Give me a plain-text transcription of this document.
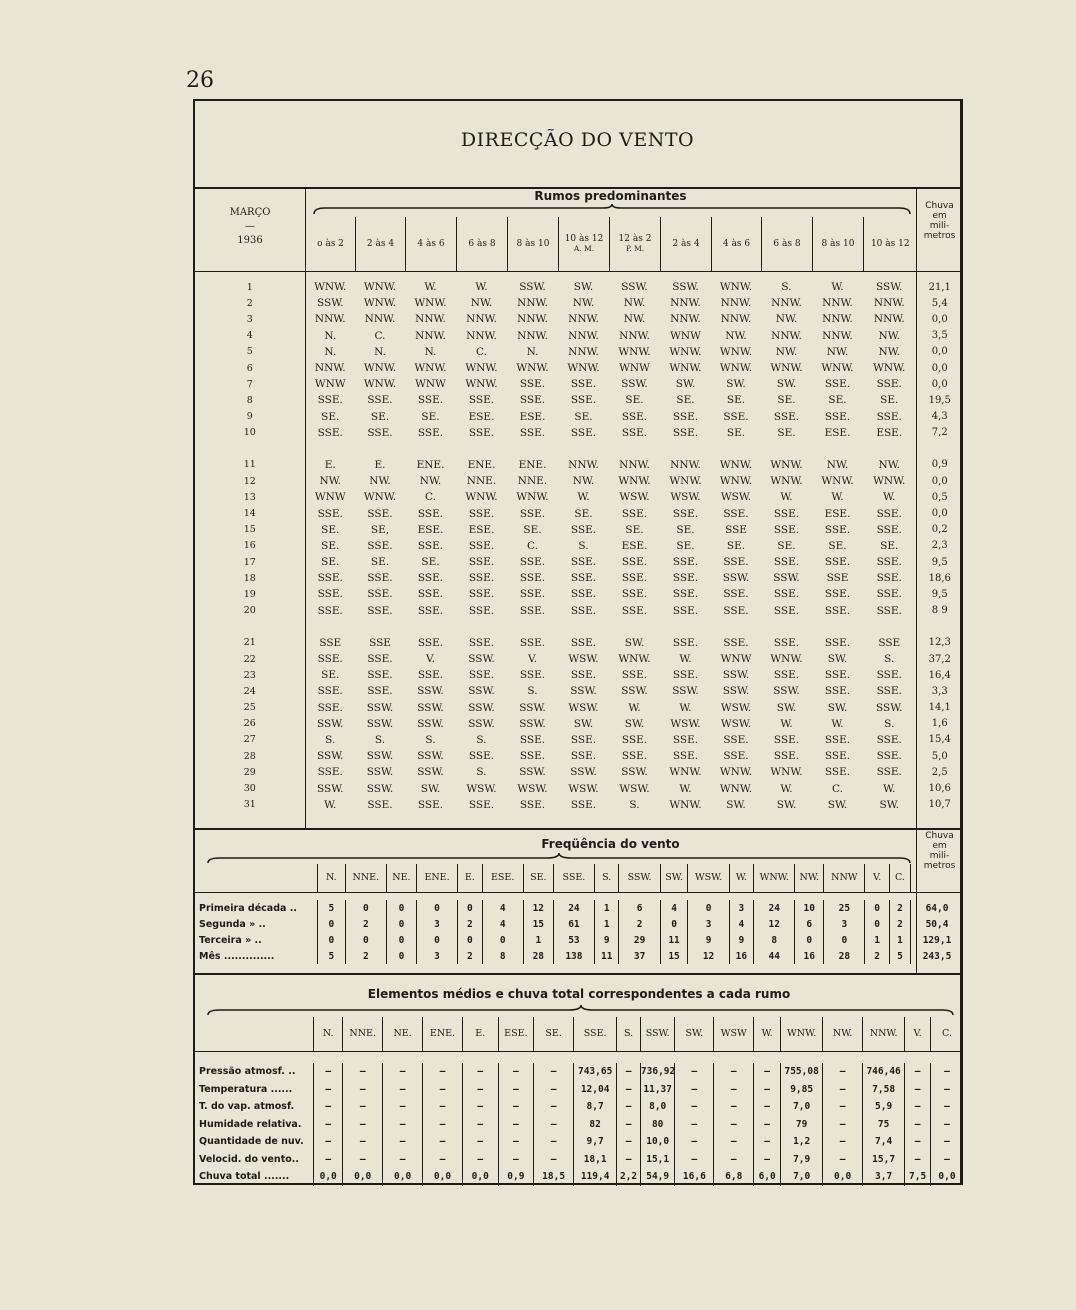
26
DIRECÇÃO DO VENTO
MARÇO
—
1936
Rumos predominantes
Chuva
em
mili-
metros
o às 2	2 às 4	4 às 6	6 às 8	8 às 10	10 às 12
A. M.

12 às 2
P. M.	2 às 4	4 às 6	6 às 8	8 às 10	10 às 12
1	WNW.	WNW.	W.	W.	SSW.	SW.	SSW.	SSW.	WNW.	S.	W.	SSW.	21,1
2	SSW.	WNW.	WNW.	NW.	NNW.	NW.	NW.	NNW.	NNW.	NNW.	NNW.	NNW.	5,4
3	NNW.	NNW.	NNW.	NNW.	NNW.	NNW.	NW.	NNW.	NNW.	NW.	NNW.	NNW.	0,0
4	N.	C.	NNW.	NNW.	NNW.	NNW.	NNW.	WNW	NW.	NNW.	NNW.	NW.	3,5
5	N.	N.	N.	C.	N.	NNW.	WNW.	WNW.	WNW.	NW.	NW.	NW.	0,0
6	NNW.	WNW.	WNW.	WNW.	WNW.	WNW.	WNW	WNW.	WNW.	WNW.	WNW.	WNW.	0,0
7	WNW	WNW.	WNW	WNW.	SSE.	SSE.	SSW.	SW.	SW.	SW.	SSE.	SSE.	0,0
8	SSE.	SSE.	SSE.	SSE.	SSE.	SSE.	SE.	SE.	SE.	SE.	SE.	SE.	19,5
9	SE.	SE.	SE.	ESE.	ESE.	SE.	SSE.	SSE.	SSE.	SSE.	SSE.	SSE.	4,3
10	SSE.	SSE.	SSE.	SSE.	SSE.	SSE.	SSE.	SSE.	SE.	SE.	ESE.	ESE.	7,2

11	E.	E.	ENE.	ENE.	ENE.	NNW.	NNW.	NNW.	WNW.	WNW.	NW.	NW.	0,9
12	NW.	NW.	NW.	NNE.	NNE.	NW.	WNW.	WNW.	WNW.	WNW.	WNW.	WNW.	0,0
13	WNW	WNW.	C.	WNW.	WNW.	W.	WSW.	WSW.	WSW.	W.	W.	W.	0,5
14	SSE.	SSE.	SSE.	SSE.	SSE.	SE.	SSE.	SSE.	SSE.	SSE.	ESE.	SSE.	0,0
15	SE.	SE,	ESE.	ESE.	SE.	SSE.	SE.	SE.	SSE	SSE.	SSE.	SSE.	0,2
16	SE.	SSE.	SSE.	SSE.	C.	S.	ESE.	SE.	SE.	SE.	SE.	SE.	2,3
17	SE.	SE.	SE.	SSE.	SSE.	SSE.	SSE.	SSE.	SSE.	SSE.	SSE.	SSE.	9,5
18	SSE.	SSE.	SSE.	SSE.	SSE.	SSE.	SSE.	SSE.	SSW.	SSW.	SSE	SSE.	18,6
19	SSE.	SSE.	SSE.	SSE.	SSE.	SSE.	SSE.	SSE.	SSE.	SSE.	SSE.	SSE.	9,5
20	SSE.	SSE.	SSE.	SSE.	SSE.	SSE.	SSE.	SSE.	SSE.	SSE.	SSE.	SSE.	8 9

21	SSE	SSE	SSE.	SSE.	SSE.	SSE.	SW.	SSE.	SSE.	SSE.	SSE.	SSE	12,3
22	SSE.	SSE.	V.	SSW.	V.	WSW.	WNW.	W.	WNW	WNW.	SW.	S.	37,2
23	SE.	SSE.	SSE.	SSE.	SSE.	SSE.	SSE.	SSE.	SSW.	SSE.	SSE.	SSE.	16,4
24	SSE.	SSE.	SSW.	SSW.	S.	SSW.	SSW.	SSW.	SSW.	SSW.	SSE.	SSE.	3,3
25	SSE.	SSW.	SSW.	SSW.	SSW.	WSW.	W.	W.	WSW.	SW.	SW.	SSW.	14,1
26	SSW.	SSW.	SSW.	SSW.	SSW.	SW.	SW.	WSW.	WSW.	W.	W.	S.	1,6
27	S.	S.	S.	S.	SSE.	SSE.	SSE.	SSE.	SSE.	SSE.	SSE.	SSE.	15,4
28	SSW.	SSW.	SSW.	SSE.	SSE.	SSE.	SSE.	SSE.	SSE.	SSE.	SSE.	SSE.	5,0
29	SSE.	SSW.	SSW.	S.	SSW.	SSW.	SSW.	WNW.	WNW.	WNW.	SSE.	SSE.	2,5
30	SSW.	SSW.	SW.	WSW.	WSW.	WSW.	WSW.	W.	WNW.	W.	C.	W.	10,6
31	W.	SSE.	SSE.	SSE.	SSE.	SSE.	S.	WNW.	SW.	SW.	SW.	SW.	10,7
Freqüência do vento
Chuva
em
mili-
metros
	N.	NNE.	NE.	ENE.	E.	ESE.	SE.	SSE.	S.	SSW.	SW.	WSW.	W.	WNW.	NW.	NNW	V.	C.	

Primeira década ..	5	0	0	0	0	4	12	24	1	6	4	0	3	24	10	25	0	2	64,0
Segunda » ..	0	2	0	3	2	4	15	61	1	2	0	3	4	12	6	3	0	2	50,4
Terceira » ..	0	0	0	0	0	0	1	53	9	29	11	9	9	8	0	0	1	1	129,1
Mês ..............	5	2	0	3	2	8	28	138	11	37	15	12	16	44	16	28	2	5	243,5
Elementos médios e chuva total correspondentes a cada rumo
	N.	NNE.	NE.	ENE.	E.	ESE.	SE.	SSE.	S.	SSW.	SW.	WSW	W.	WNW.	NW.	NNW.	V.	C.

Pressão atmosf. ..	—	—	—	—	—	—	—	743,65	—	736,92	—	—	—	755,08	—	746,46	—	—
Temperatura ......	—	—	—	—	—	—	—	12,04	—	11,37	—	—	—	9,85	—	7,58	—	—
T. do vap. atmosf.	—	—	—	—	—	—	—	8,7	—	8,0	—	—	—	7,0	—	5,9	—	—
Humidade relativa.	—	—	—	—	—	—	—	82	—	80	—	—	—	79	—	75	—	—
Quantidade de nuv.	—	—	—	—	—	—	—	9,7	—	10,0	—	—	—	1,2	—	7,4	—	—
Velocid. do vento..	—	—	—	—	—	—	—	18,1	—	15,1	—	—	—	7,9	—	15,7	—	—
Chuva total .......	0,0	0,0	0,0	0,0	0,0	0,9	18,5	119,4	2,2	54,9	16,6	6,8	6,0	7,0	0,0	3,7	7,5	0,0
